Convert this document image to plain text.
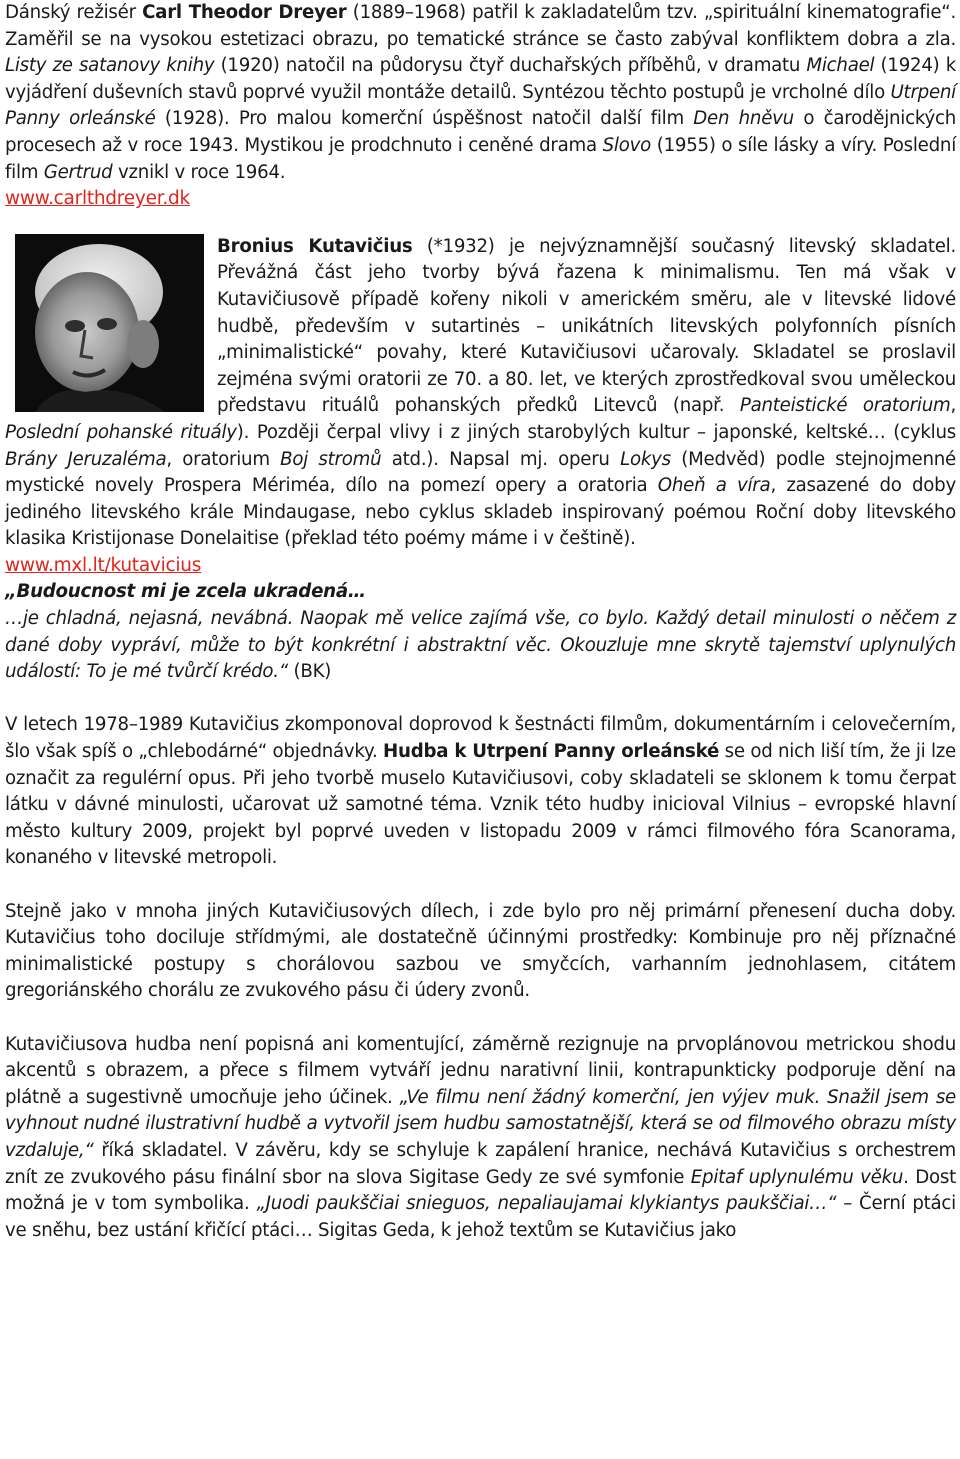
Dánský režisér Carl Theodor Dreyer (1889–1968) patřil k zakladatelům tzv. „spirituální kinematografie“. Zaměřil se na vysokou estetizaci obrazu, po tematické stránce se často zabýval konfliktem dobra a zla. Listy ze satanovy knihy (1920) natočil na půdorysu čtyř duchařských příběhů, v dramatu Michael (1924) k vyjádření duševních stavů poprvé využil montáže detailů. Syntézou těchto postupů je vrcholné dílo Utrpení Panny orleánské (1928). Pro malou komerční úspěšnost natočil další film Den hněvu o čarodějnických procesech až v roce 1943. Mystikou je prodchnuto i ceněné drama Slovo (1955) o síle lásky a víry. Poslední film Gertrud vznikl v roce 1964.

www.carlthdreyer.dk

Bronius Kutavičius (*1932) je nejvýznamnější současný litevský skladatel. Převážná část jeho tvorby bývá řazena k minimalismu. Ten má však v Kutavičiusově případě kořeny nikoli v americkém směru, ale v litevské lidové hudbě, především v sutartinės – unikátních litevských polyfonních písních „minimalistické“ povahy, které Kutavičiusovi učarovaly. Skladatel se proslavil zejména svými oratorii ze 70. a 80. let, ve kterých zprostředkoval svou uměleckou představu rituálů pohanských předků Litevců (např. Panteistické oratorium, Poslední pohanské rituály). Později čerpal vlivy i z jiných starobylých kultur – japonské, keltské… (cyklus Brány Jeruzaléma, oratorium Boj stromů atd.). Napsal mj. operu Lokys (Medvěd) podle stejnojmenné mystické novely Prospera Mériméa, dílo na pomezí opery a oratoria Oheň a víra, zasazené do doby jediného litevského krále Mindaugase, nebo cyklus skladeb inspirovaný poémou Roční doby litevského klasika Kristijonase Donelaitise (překlad této poémy máme i v češtině).

www.mxl.lt/kutavicius

„Budoucnost mi je zcela ukradená…

…je chladná, nejasná, nevábná. Naopak mě velice zajímá vše, co bylo. Každý detail minulosti o něčem z dané doby vypráví, může to být konkrétní i abstraktní věc. Okouzluje mne skrytě tajemství uplynulých událostí: To je mé tvůrčí krédo.“ (BK)

V letech 1978–1989 Kutavičius zkomponoval doprovod k šestnácti filmům, dokumentárním i celovečerním, šlo však spíš o „chlebodárné“ objednávky. Hudba k Utrpení Panny orleánské se od nich liší tím, že ji lze označit za regulérní opus. Při jeho tvorbě muselo Kutavičiusovi, coby skladateli se sklonem k tomu čerpat látku v dávné minulosti, učarovat už samotné téma. Vznik této hudby inicioval Vilnius – evropské hlavní město kultury 2009, projekt byl poprvé uveden v listopadu 2009 v rámci filmového fóra Scanorama, konaného v litevské metropoli.

Stejně jako v mnoha jiných Kutavičiusových dílech, i zde bylo pro něj primární přenesení ducha doby. Kutavičius toho dociluje střídmými, ale dostatečně účinnými prostředky: Kombinuje pro něj příznačné minimalistické postupy s chorálovou sazbou ve smyčcích, varhanním jednohlasem, citátem gregoriánského chorálu ze zvukového pásu či údery zvonů.

Kutavičiusova hudba není popisná ani komentující, záměrně rezignuje na prvoplánovou metrickou shodu akcentů s obrazem, a přece s filmem vytváří jednu narativní linii, kontrapunkticky podporuje dění na plátně a sugestivně umocňuje jeho účinek. „Ve filmu není žádný komerční, jen výjev muk. Snažil jsem se vyhnout nudné ilustrativní hudbě a vytvořil jsem hudbu samostatnější, která se od filmového obrazu místy vzdaluje,“ říká skladatel. V závěru, kdy se schyluje k zapálení hranice, nechává Kutavičius s orchestrem znít ze zvukového pásu finální sbor na slova Sigitase Gedy ze své symfonie Epitaf uplynulému věku. Dost možná je v tom symbolika. „Juodi paukščiai snieguos, nepaliaujamai klykiantys paukščiai…“ – Černí ptáci ve sněhu, bez ustání křičící ptáci… Sigitas Geda, k jehož textům se Kutavičius jako
